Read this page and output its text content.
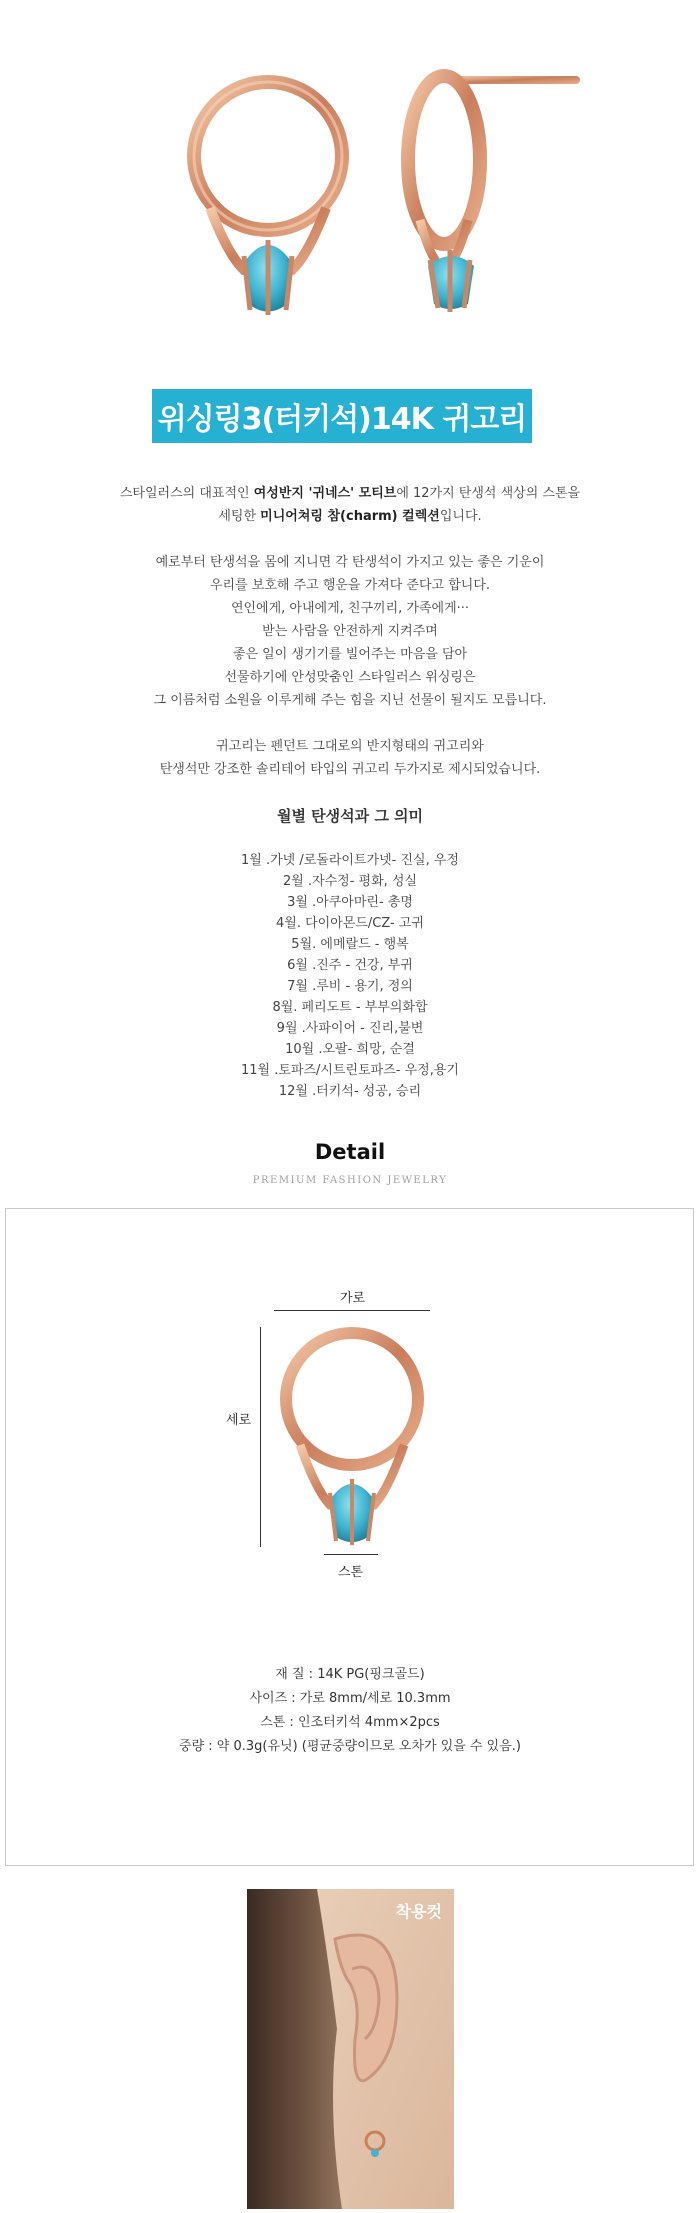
위싱링3(터키석)14K 귀고리

스타일러스의 대표적인 여성반지 '귀네스' 모티브에 12가지 탄생석 색상의 스톤을
세팅한 미니어쳐링 참(charm) 컬렉션입니다.

예로부터 탄생석을 몸에 지니면 각 탄생석이 가지고 있는 좋은 기운이
우리를 보호해 주고 행운을 가져다 준다고 합니다.
연인에게, 아내에게, 친구끼리, 가족에게···
받는 사람을 안전하게 지켜주며
좋은 일이 생기기를 빌어주는 마음을 담아
선물하기에 안성맞춤인 스타일러스 위싱링은
그 이름처럼 소원을 이루게해 주는 힘을 지닌 선물이 될지도 모릅니다.

귀고리는 펜던트 그대로의 반지형태의 귀고리와
탄생석만 강조한 솔리테어 타입의 귀고리 두가지로 제시되었습니다.

월별 탄생석과 그 의미
1월 .가넷 /로돌라이트가넷- 진실, 우정
2월 .자수정- 평화, 성실
3월 .아쿠아마린- 총명
4월. 다이아몬드/CZ- 고귀
5월. 에메랄드 - 행복
6월 .진주 - 건강, 부귀
7월 .루비 - 용기, 정의
8월. 페리도트 - 부부의화합
9월 .사파이어 - 진리,불변
10월 .오팔- 희망, 순결
11월 .토파즈/시트린토파즈- 우정,용기
12월 .터키석- 성공, 승리
Detail
PREMIUM FASHION JEWELRY
가로
세로
스톤
재 질 : 14K PG(핑크골드)
사이즈 : 가로 8mm/세로 10.3mm
스톤 : 인조터키석 4mm×2pcs
중량 : 약 0.3g(유닛) (평균중량이므로 오차가 있을 수 있음.)
착용컷
